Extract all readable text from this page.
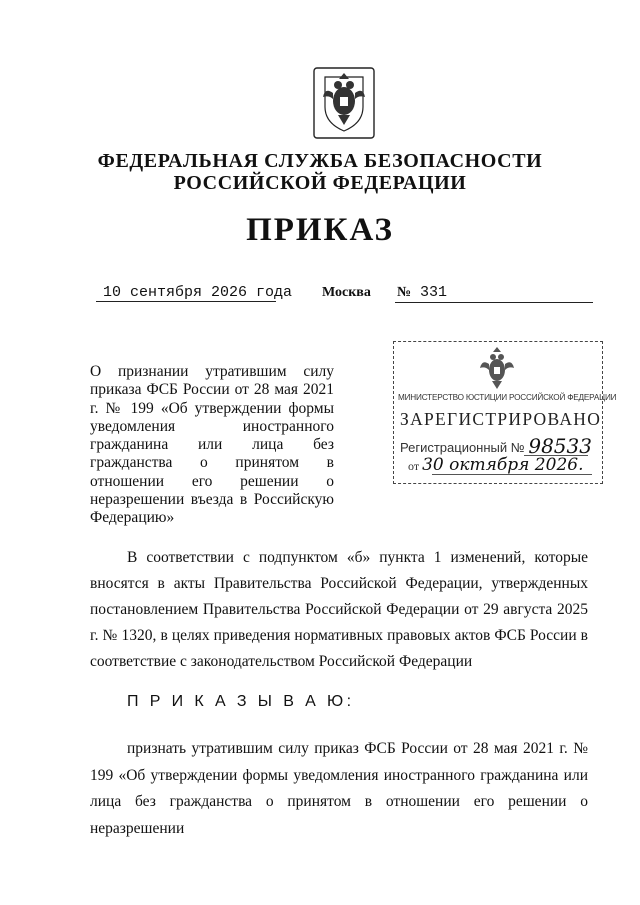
ФЕДЕРАЛЬНАЯ СЛУЖБА БЕЗОПАСНОСТИ
РОССИЙСКОЙ ФЕДЕРАЦИИ
ПРИКАЗ
10 сентября 2026 года Москва № 331
О признании утратившим силу приказа ФСБ России от 28 мая 2021 г. № 199 «Об утверждении формы уведомления иностранного гражданина или лица без гражданства о принятом в отношении его решении о неразрешении въезда в Российскую Федерацию»
МИНИСТЕРСТВО ЮСТИЦИИ РОССИЙСКОЙ ФЕДЕРАЦИИ
ЗАРЕГИСТРИРОВАНО
Регистрационный № 98533
от 30 октября 2026.
В соответствии с подпунктом «б» пункта 1 изменений, которые вносятся в акты Правительства Российской Федерации, утвержденных постановлением Правительства Российской Федерации от 29 августа 2025 г. № 1320, в целях приведения нормативных правовых актов ФСБ России в соответствие с законодательством Российской Федерации
П Р И К А З Ы В А Ю:
признать утратившим силу приказ ФСБ России от 28 мая 2021 г. № 199 «Об утверждении формы уведомления иностранного гражданина или лица без гражданства о принятом в отношении его решении о неразрешении
